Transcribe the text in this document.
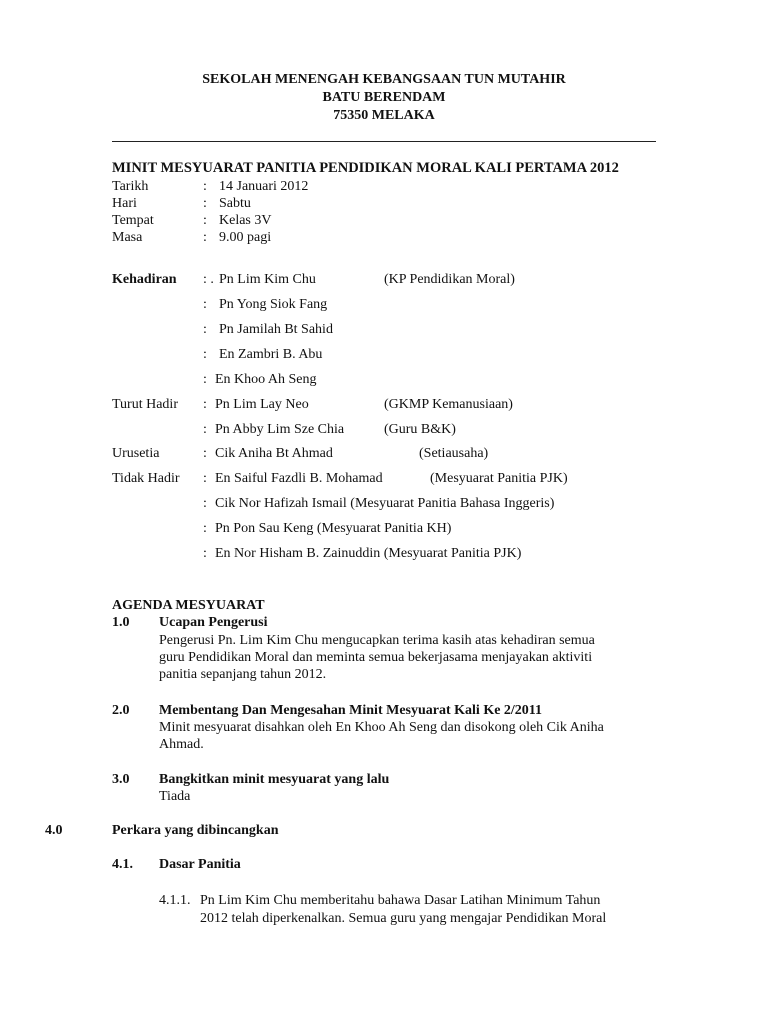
SEKOLAH MENENGAH KEBANGSAAN TUN MUTAHIR
BATU BERENDAM
75350 MELAKA
MINIT MESYUARAT PANITIA PENDIDIKAN MORAL KALI PERTAMA 2012
Tarikh	: 14 Januari 2012
Hari	: Sabtu
Tempat	: Kelas 3V
Masa	: 9.00 pagi
Kehadiran : . Pn Lim Kim Chu	(KP Pendidikan Moral)
: Pn Yong Siok Fang
: Pn Jamilah Bt Sahid
: En Zambri B. Abu
: En Khoo Ah Seng
Turut Hadir : Pn Lim Lay Neo	(GKMP Kemanusiaan)
: Pn Abby Lim Sze Chia	(Guru B&K)
Urusetia	: Cik Aniha Bt Ahmad	(Setiausaha)
Tidak Hadir : En Saiful Fazdli B. Mohamad	(Mesyuarat Panitia PJK)
: Cik Nor Hafizah Ismail (Mesyuarat Panitia Bahasa Inggeris)
: Pn Pon Sau Keng (Mesyuarat Panitia KH)
: En Nor Hisham B. Zainuddin (Mesyuarat Panitia PJK)
AGENDA MESYUARAT
1.0 Ucapan Pengerusi
Pengerusi Pn. Lim Kim Chu mengucapkan terima kasih atas kehadiran semua
guru Pendidikan Moral dan meminta semua bekerjasama menjayakan aktiviti
panitia sepanjang tahun 2012.
2.0 Membentang Dan Mengesahan Minit Mesyuarat Kali Ke 2/2011
Minit mesyuarat disahkan oleh En Khoo Ah Seng dan disokong oleh Cik Aniha
Ahmad.
3.0 Bangkitkan minit mesyuarat yang lalu
Tiada
4.0	Perkara yang dibincangkan
4.1. Dasar Panitia
4.1.1. Pn Lim Kim Chu memberitahu bahawa Dasar Latihan Minimum Tahun
2012 telah diperkenalkan. Semua guru yang mengajar Pendidikan Moral
